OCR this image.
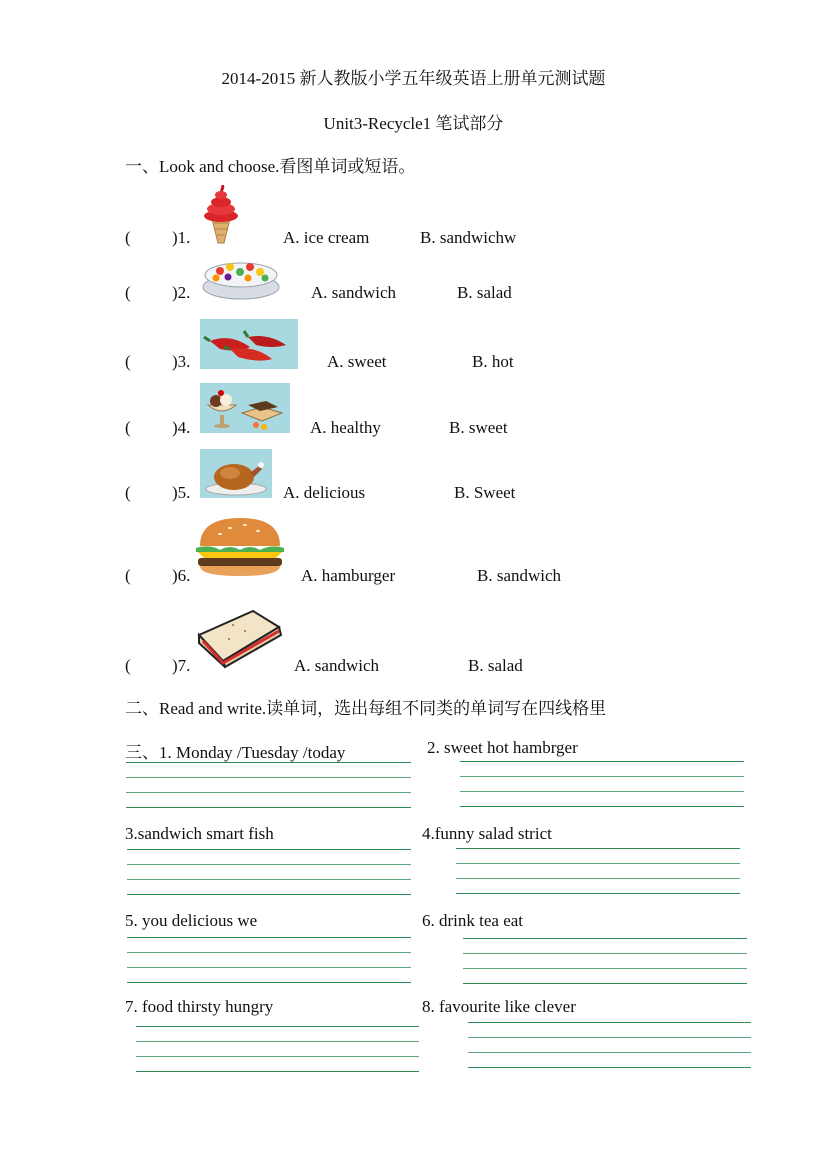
2014-2015 新人教版小学五年级英语上册单元测试题
Unit3-Recycle1 笔试部分
一、Look and choose.看图单词或短语。
( )1.	A. ice cream	B. sandwichw
( )2.	A. sandwich	B. salad
( )3.	A. sweet	B. hot
( )4.	A. healthy	B. sweet
( )5.	A. delicious	B. Sweet
( )6.	A. hamburger	B. sandwich
( )7.	A. sandwich	B. salad
二、Read and write.读单词，选出每组不同类的单词写在四线格里
三、1. Monday /Tuesday /today	2. sweet hot hambrger
3.sandwich smart fish	4.funny salad strict
5. you delicious we	6. drink tea eat
7. food thirsty hungry	8. favourite like clever
